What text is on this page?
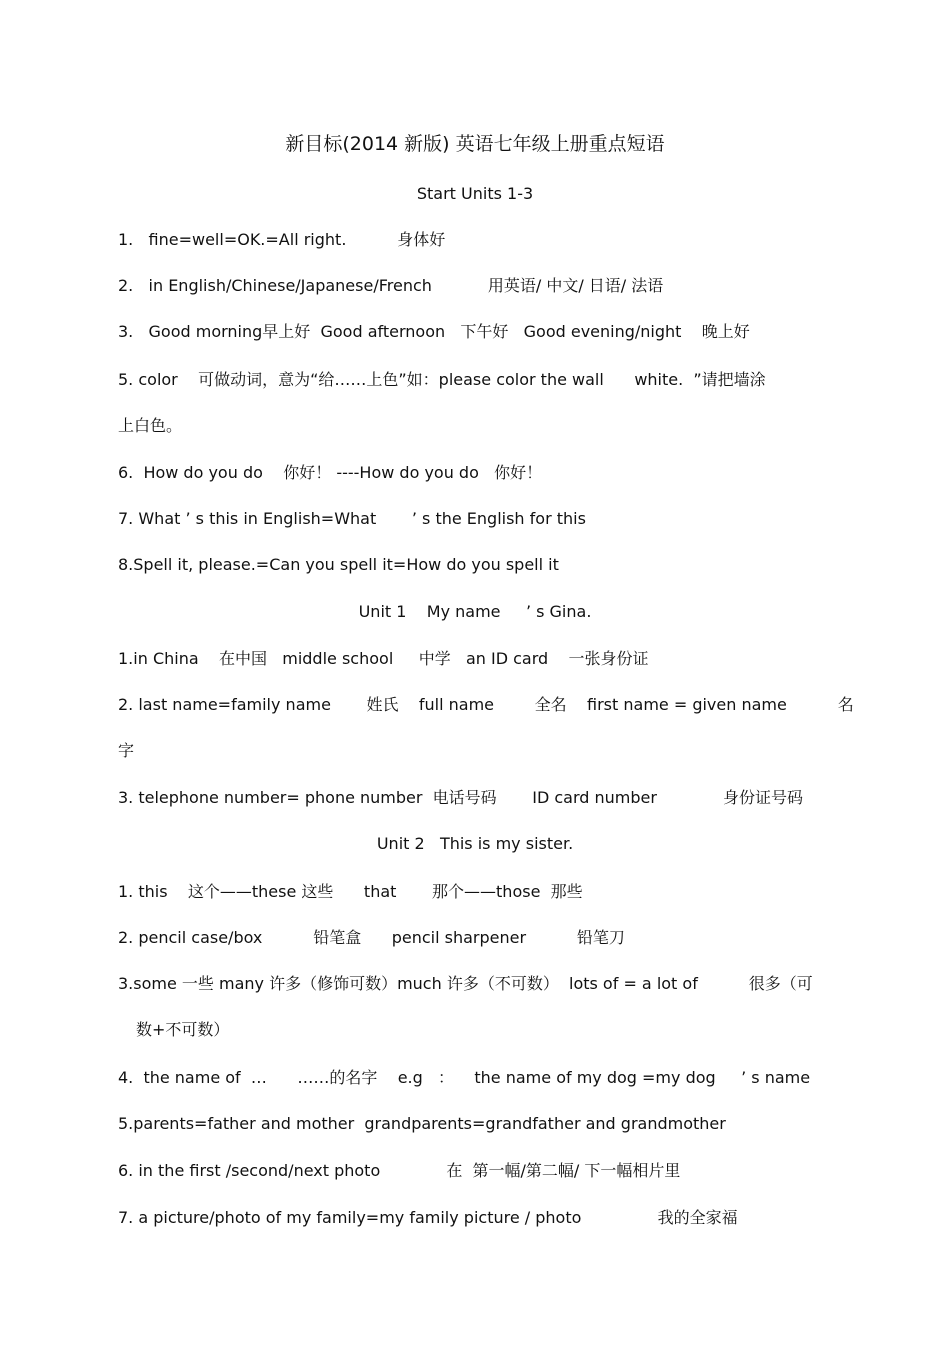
新目标(2014 新版) 英语七年级上册重点短语
Start Units 1-3
1.   fine=well=OK.=All right.          身体好
2.   in English/Chinese/Japanese/French           用英语/ 中文/ 日语/ 法语
3.   Good morning早上好  Good afternoon   下午好   Good evening/night    晚上好
5. color    可做动词，意为“给……上色”如：please color the wall      white.  ”请把墙涂
上白色。
6.  How do you do    你好！ ----How do you do   你好！
7. What ’ s this in English=What       ’ s the English for this
8.Spell it, please.=Can you spell it=How do you spell it
Unit 1    My name     ’ s Gina.
1.in China    在中国   middle school     中学   an ID card    一张身份证
2. last name=family name       姓氏    full name        全名    first name = given name          名
字
3. telephone number= phone number  电话号码       ID card number             身份证号码
Unit 2   This is my sister.
1. this    这个——these 这些      that       那个——those  那些
2. pencil case/box          铅笔盒      pencil sharpener          铅笔刀
3.some 一些 many 许多（修饰可数）much 许多（不可数）  lots of = a lot of          很多（可
数+不可数）
4.  the name of  …      ……的名字    e.g   ：    the name of my dog =my dog     ’ s name
5.parents=father and mother  grandparents=grandfather and grandmother
6. in the first /second/next photo             在  第一幅/第二幅/ 下一幅相片里
7. a picture/photo of my family=my family picture / photo               我的全家福
